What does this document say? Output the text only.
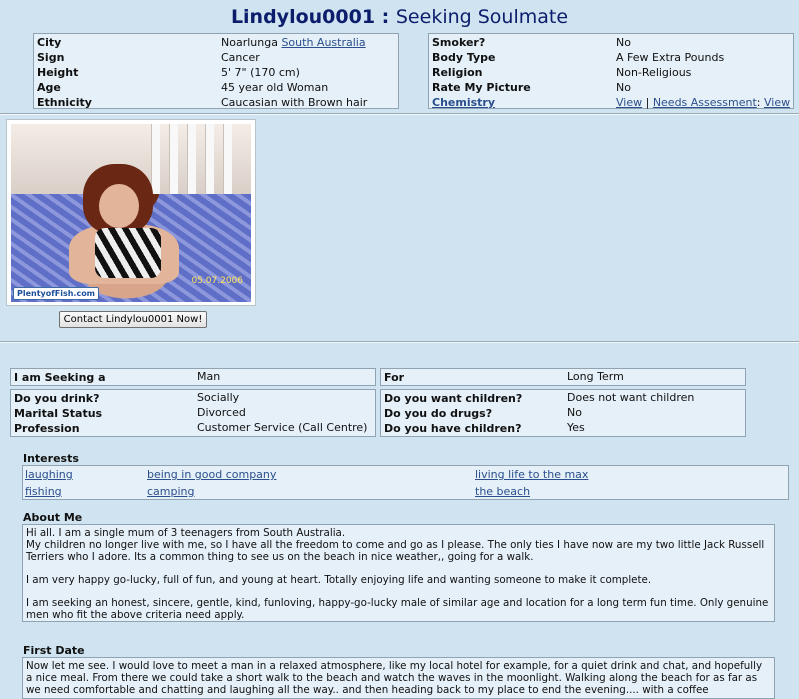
Lindylou0001 : Seeking Soulmate
City	Noarlunga South Australia
Sign	Cancer
Height	5' 7" (170 cm)
Age	45 year old Woman
Ethnicity	Caucasian with Brown hair
Smoker?	No
Body Type	A Few Extra Pounds
Religion	Non-Religious
Rate My Picture	No
Chemistry	View | Needs Assessment: View
05.07.2006
PlentyofFish.com
Contact Lindylou0001 Now!
I am Seeking a	Man	For	Long Term
Do you drink?	Socially
Marital Status	Divorced
Profession	Customer Service (Call Centre)
Do you want children?	Does not want children
Do you do drugs?	No
Do you have children?	Yes
Interests
laughing	being in good company	living life to the max
fishing	camping	the beach
About Me

Hi all. I am a single mum of 3 teenagers from South Australia.

My children no longer live with me, so I have all the freedom to come and go as I please. The only ties I have now are my two little Jack Russell Terriers who I adore. Its a common thing to see us on the beach in nice weather,, going for a walk.

I am very happy go-lucky, full of fun, and young at heart. Totally enjoying life and wanting someone to make it complete.

I am seeking an honest, sincere, gentle, kind, funloving, happy-go-lucky male of similar age and location for a long term fun time. Only genuine men who fit the above criteria need apply.

First Date

Now let me see. I would love to meet a man in a relaxed atmosphere, like my local hotel for example, for a quiet drink and chat, and hopefully a nice meal. From there we could take a short walk to the beach and watch the waves in the moonlight. Walking along the beach for as far as we need comfortable and chatting and laughing all the way.. and then heading back to my place to end the evening.... with a coffee
